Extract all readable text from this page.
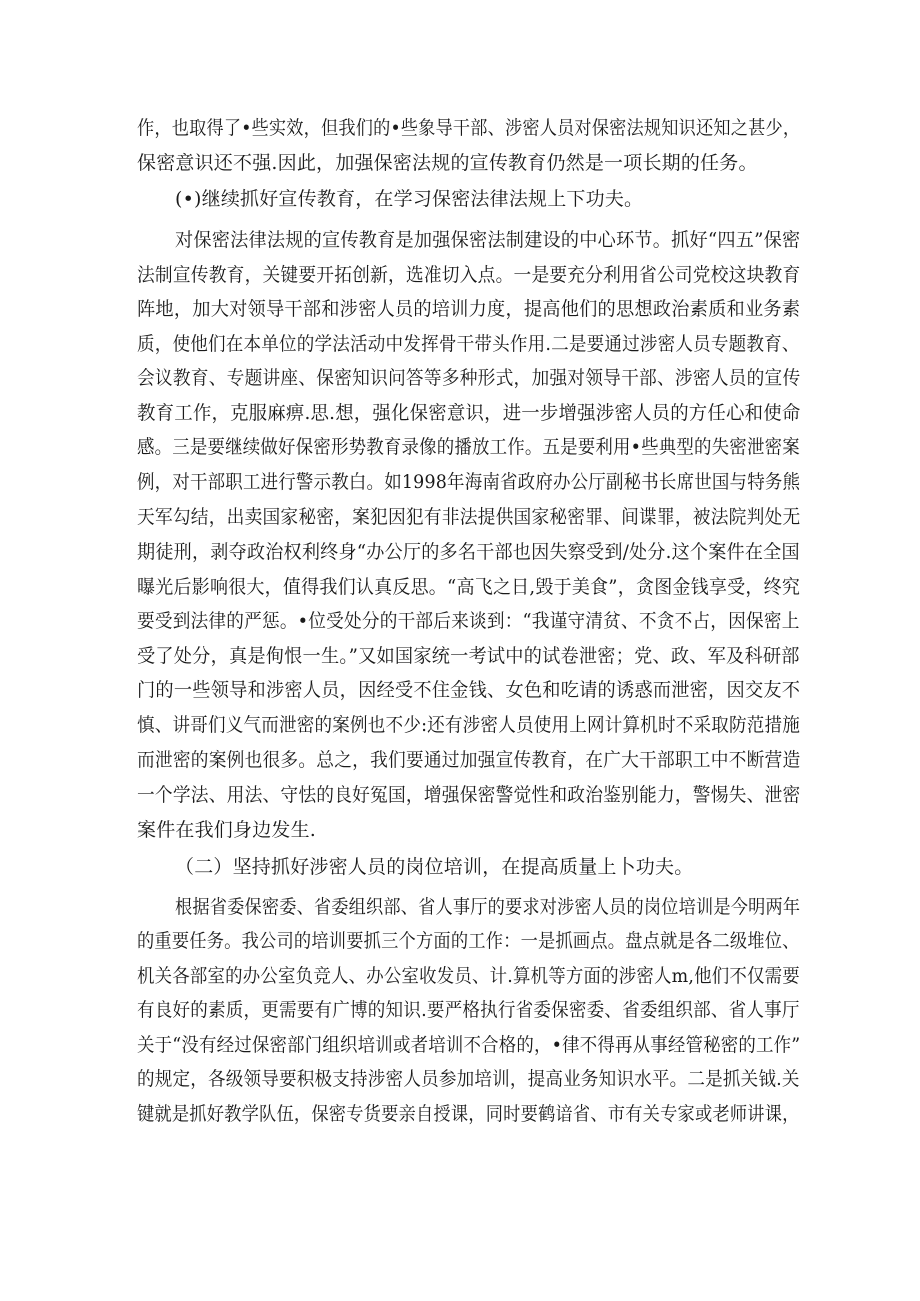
作，也取得了•些实效，但我们的•些象导干部、涉密人员对保密法规知识还知之甚少，
保密意识还不强.因此，加强保密法规的宣传教育仍然是一项长期的任务。
(•)继续抓好宣传教育，在学习保密法律法规上下功夫。
对保密法律法规的宣传教育是加强保密法制建设的中心环节。抓好“四五”保密
法制宣传教育，关键要开拓创新，选准切入点。一是要充分利用省公司党校这块教育
阵地，加大对领导干部和涉密人员的培训力度，提高他们的思想政治素质和业务素
质，使他们在本单位的学法活动中发挥骨干带头作用.二是要通过涉密人员专题教育、
会议教育、专题讲座、保密知识问答等多种形式，加强对领导干部、涉密人员的宣传
教育工作，克服麻痹.思.想，强化保密意识，进一步增强涉密人员的方任心和使命
感。三是要继续做好保密形势教育录像的播放工作。五是要利用•些典型的失密泄密案
例，对干部职工进行警示教白。如1998年海南省政府办公厅副秘书长席世国与特务熊
天军勾结，出卖国家秘密，案犯因犯有非法提供国家秘密罪、间谍罪，被法院判处无
期徒刑，剥夺政治权利终身“办公厅的多名干部也因失察受到/处分.这个案件在全国
曝光后影响很大，值得我们认真反思。“高飞之日,毁于美食”，贪图金钱享受，终究
要受到法律的严惩。•位受处分的干部后来谈到：“我谨守清贫、不贪不占，因保密上
受了处分，真是侚恨一生。”又如国家统一考试中的试卷泄密；党、政、军及科研部
门的一些领导和涉密人员，因经受不住金钱、女色和吃请的诱惑而泄密，因交友不
慎、讲哥们义气而泄密的案例也不少:还有涉密人员使用上网计算机时不采取防范措施
而泄密的案例也很多。总之，我们要通过加强宣传教育，在广大干部职工中不断营造
一个学法、用法、守怯的良好冤国，增强保密警觉性和政治鉴别能力，警惕失、泄密
案件在我们身边发生.
（二）坚持抓好涉密人员的岗位培训，在提高质量上卜功夫。
根据省委保密委、省委组织部、省人事厅的要求对涉密人员的岗位培训是今明两年
的重要任务。我公司的培训要抓三个方面的工作：一是抓画点。盘点就是各二级堆位、
机关各部室的办公室负竞人、办公室收发员、计.算机等方面的涉密人m,他们不仅需要
有良好的素质，更需要有广博的知识.要严格执行省委保密委、省委组织部、省人事厅
关于“没有经过保密部门组织培训或者培训不合格的，•律不得再从事经管秘密的工作”
的规定，各级领导要积极支持涉密人员参加培训，提高业务知识水平。二是抓关钺.关
键就是抓好教学队伍，保密专货要亲自授课，同时要鹤谙省、市有关专家或老师讲课，
